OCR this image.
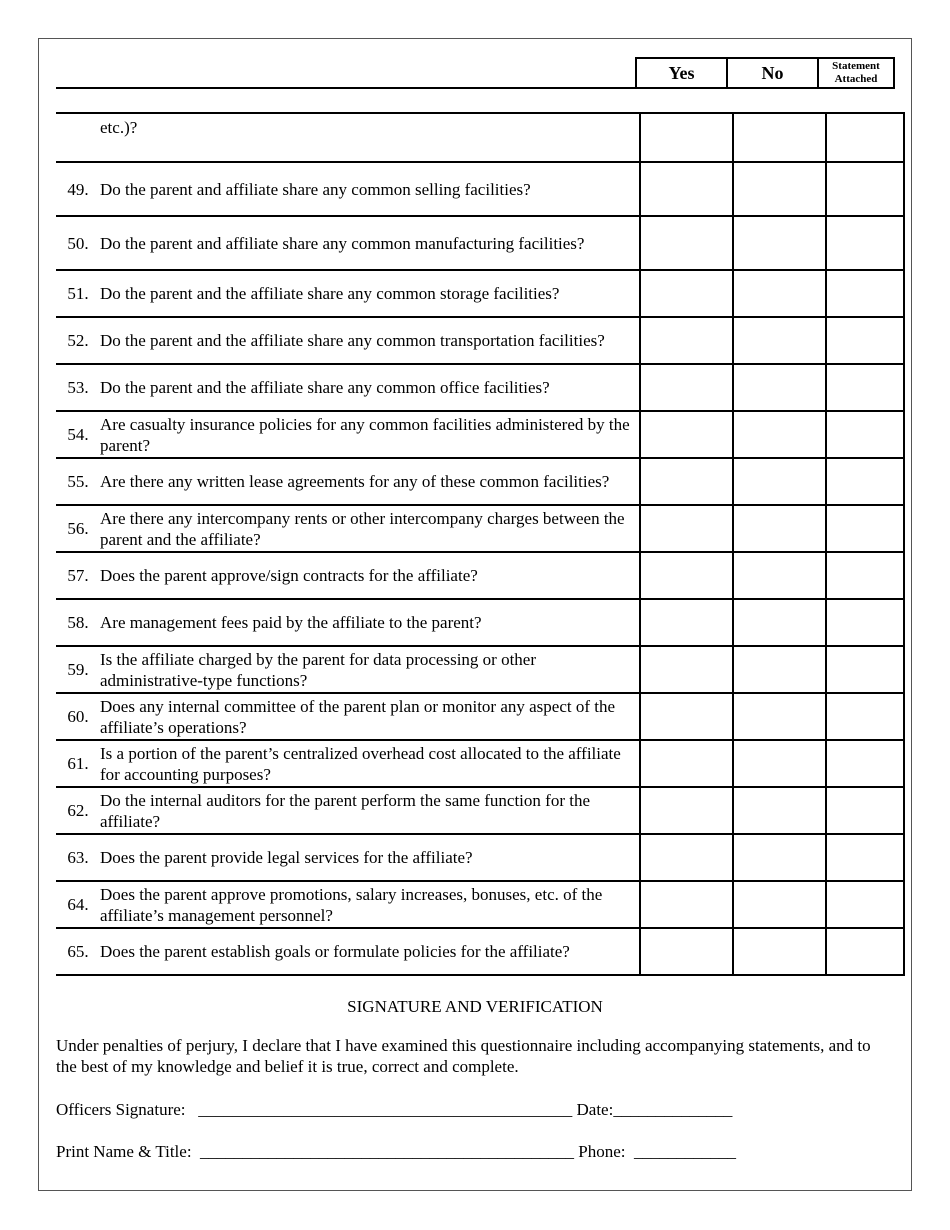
Yes	No	Statement
Attached
	etc.)?			
49.	Do the parent and affiliate share any common selling facilities?			
50.	Do the parent and affiliate share any common manufacturing facilities?			
51.	Do the parent and the affiliate share any common storage facilities?			
52.	Do the parent and the affiliate share any common transportation facilities?			
53.	Do the parent and the affiliate share any common office facilities?			
54.	Are casualty insurance policies for any common facilities administered by the parent?			
55.	Are there any written lease agreements for any of these common facilities?			
56.	Are there any intercompany rents or other intercompany charges between the parent and the affiliate?			
57.	Does the parent approve/sign contracts for the affiliate?			
58.	Are management fees paid by the affiliate to the parent?			
59.	Is the affiliate charged by the parent for data processing or other administrative-type functions?			
60.	Does any internal committee of the parent plan or monitor any aspect of the affiliate’s operations?			
61.	Is a portion of the parent’s centralized overhead cost allocated to the affiliate for accounting purposes?			
62.	Do the internal auditors for the parent perform the same function for the affiliate?			
63.	Does the parent provide legal services for the affiliate?			
64.	Does the parent approve promotions, salary increases, bonuses, etc. of the affiliate’s management personnel?			
65.	Does the parent establish goals or formulate policies for the affiliate?			
SIGNATURE AND VERIFICATION
Under penalties of perjury, I declare that I have examined this questionnaire including accompanying statements, and to the best of my knowledge and belief it is true, correct and complete.
Officers Signature:   ____________________________________________ Date:______________
Print Name & Title:  ____________________________________________ Phone:  ____________
